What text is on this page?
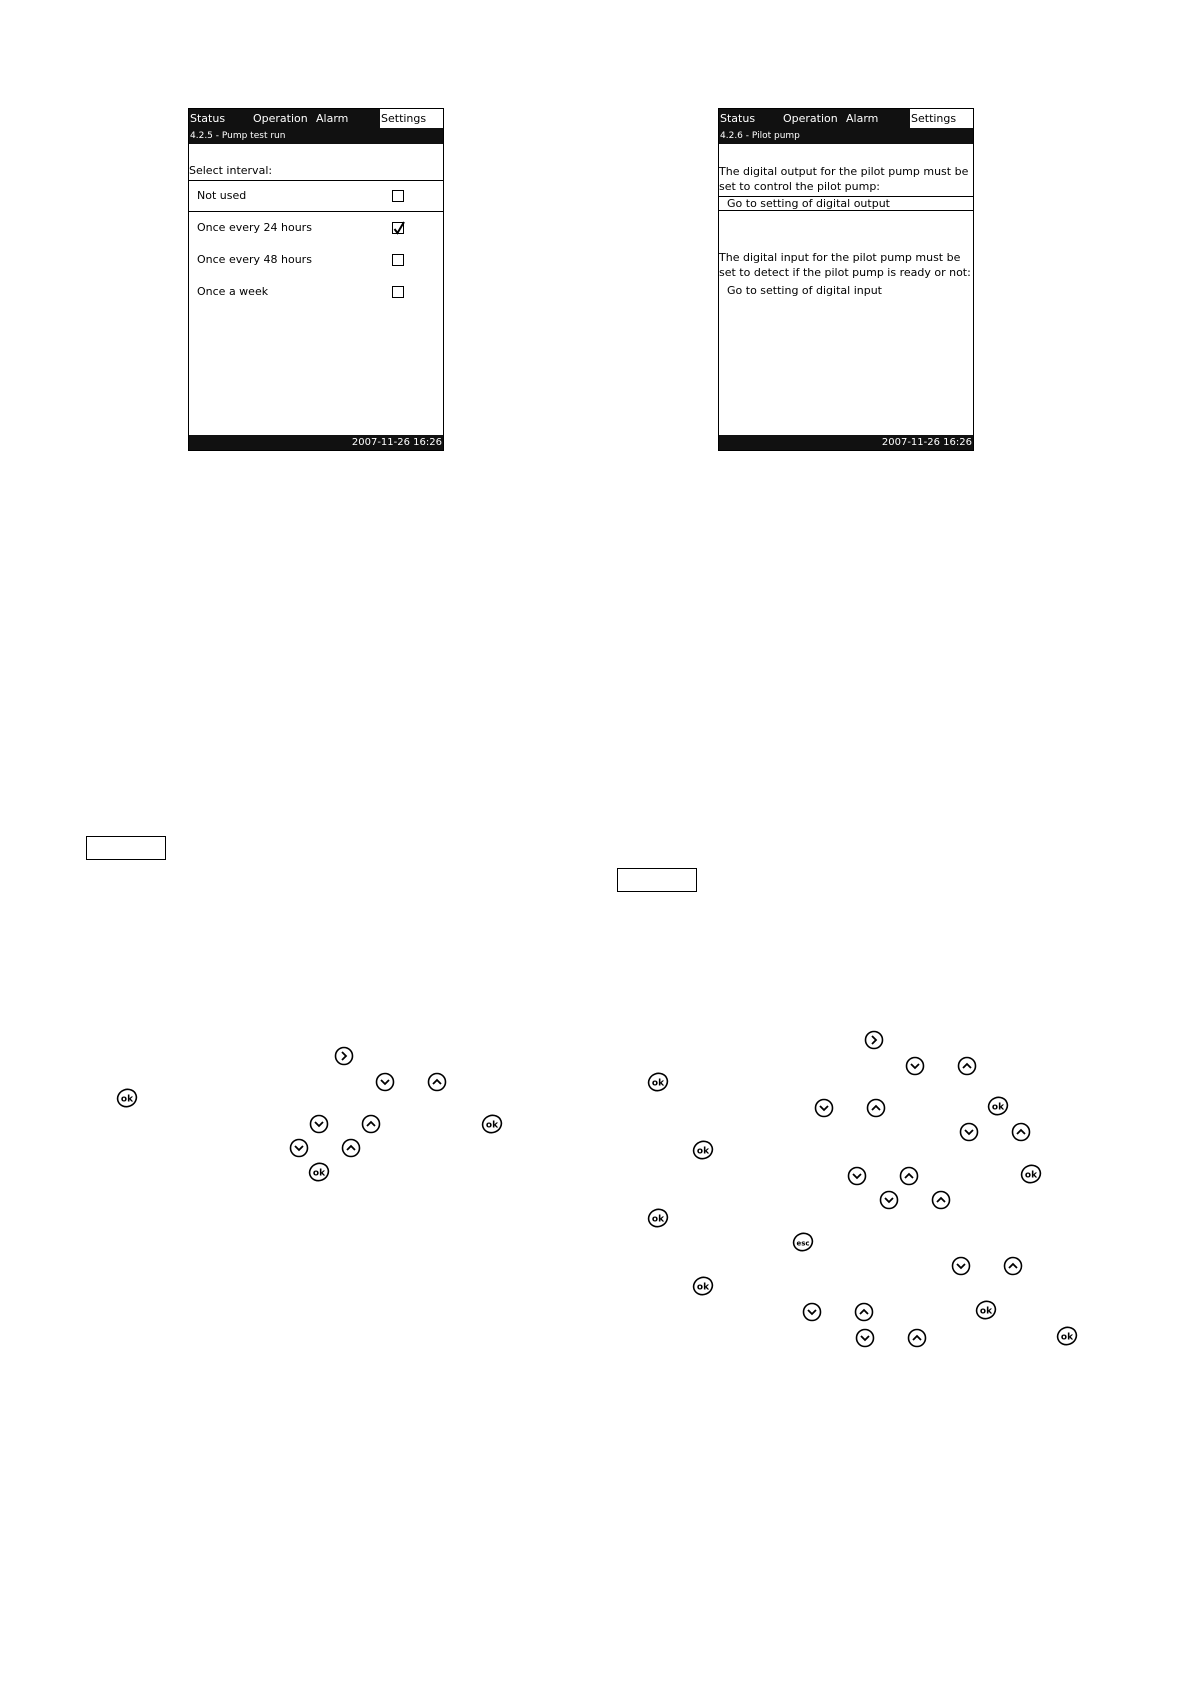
Status	Operation Alarm	Settings
4.2.5 - Pump test run
Select interval:
Not used
Once every 24 hours
Once every 48 hours
Once a week
2007-11-26 16:26
Status	Operation Alarm	Settings
4.2.6 - Pilot pump
The digital output for the pilot pump must be set to control the pilot pump:
Go to setting of digital output
The digital input for the pilot pump must be set to detect if the pilot pump is ready or not:
Go to setting of digital input
2007-11-26 16:26
ok
ok
ok
ok
ok
ok
ok
ok
esc
ok
ok
ok
